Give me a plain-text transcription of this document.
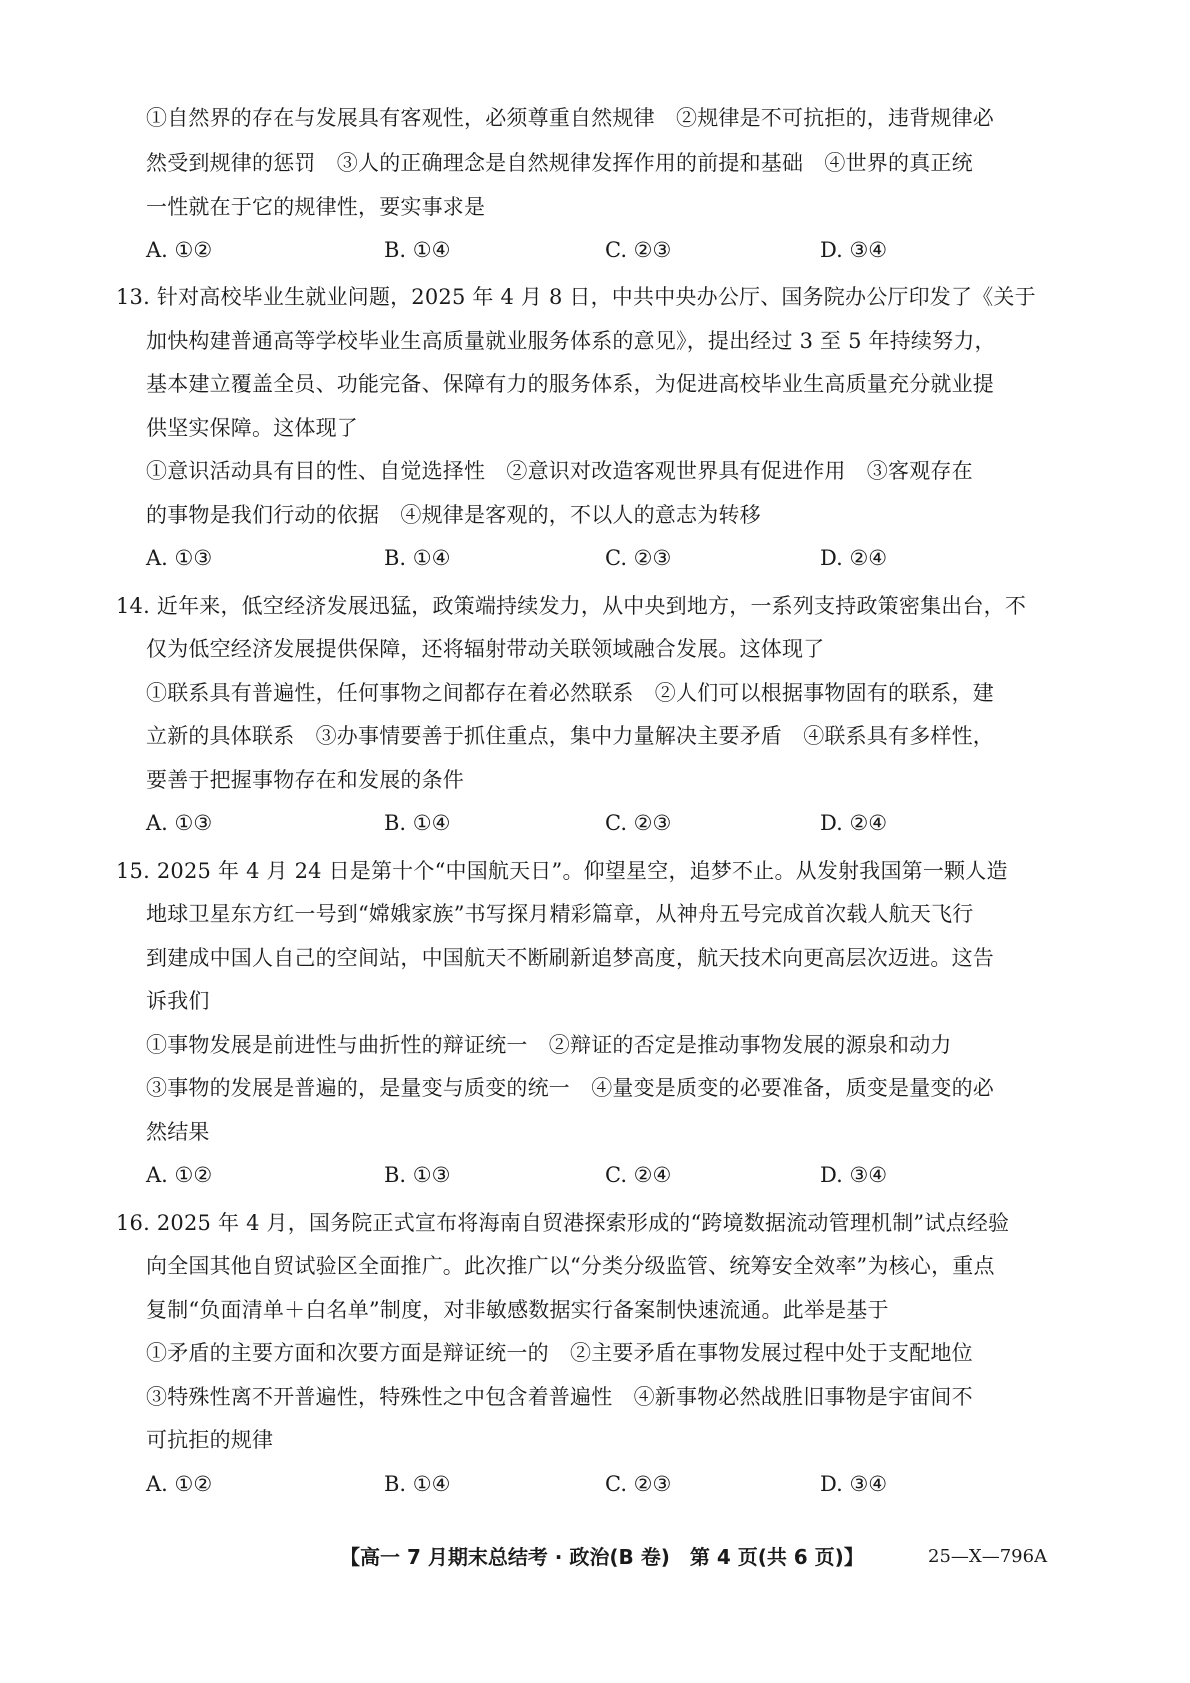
①自然界的存在与发展具有客观性，必须尊重自然规律　②规律是不可抗拒的，违背规律必
然受到规律的惩罚　③人的正确理念是自然规律发挥作用的前提和基础　④世界的真正统
一性就在于它的规律性，要实事求是
A. ①②	B. ①④	C. ②③	D. ③④
13. 针对高校毕业生就业问题，2025 年 4 月 8 日，中共中央办公厅、国务院办公厅印发了《关于
加快构建普通高等学校毕业生高质量就业服务体系的意见》，提出经过 3 至 5 年持续努力，
基本建立覆盖全员、功能完备、保障有力的服务体系，为促进高校毕业生高质量充分就业提
供坚实保障。这体现了
①意识活动具有目的性、自觉选择性　②意识对改造客观世界具有促进作用　③客观存在
的事物是我们行动的依据　④规律是客观的，不以人的意志为转移
A. ①③	B. ①④	C. ②③	D. ②④
14. 近年来，低空经济发展迅猛，政策端持续发力，从中央到地方，一系列支持政策密集出台，不
仅为低空经济发展提供保障，还将辐射带动关联领域融合发展。这体现了
①联系具有普遍性，任何事物之间都存在着必然联系　②人们可以根据事物固有的联系，建
立新的具体联系　③办事情要善于抓住重点，集中力量解决主要矛盾　④联系具有多样性，
要善于把握事物存在和发展的条件
A. ①③	B. ①④	C. ②③	D. ②④
15. 2025 年 4 月 24 日是第十个“中国航天日”。仰望星空，追梦不止。从发射我国第一颗人造
地球卫星东方红一号到“嫦娥家族”书写探月精彩篇章，从神舟五号完成首次载人航天飞行
到建成中国人自己的空间站，中国航天不断刷新追梦高度，航天技术向更高层次迈进。这告
诉我们
①事物发展是前进性与曲折性的辩证统一　②辩证的否定是推动事物发展的源泉和动力
③事物的发展是普遍的，是量变与质变的统一　④量变是质变的必要准备，质变是量变的必
然结果
A. ①②	B. ①③	C. ②④	D. ③④
16. 2025 年 4 月，国务院正式宣布将海南自贸港探索形成的“跨境数据流动管理机制”试点经验
向全国其他自贸试验区全面推广。此次推广以“分类分级监管、统筹安全效率”为核心，重点
复制“负面清单＋白名单”制度，对非敏感数据实行备案制快速流通。此举是基于
①矛盾的主要方面和次要方面是辩证统一的　②主要矛盾在事物发展过程中处于支配地位
③特殊性离不开普遍性，特殊性之中包含着普遍性　④新事物必然战胜旧事物是宇宙间不
可抗拒的规律
A. ①②	B. ①④	C. ②③	D. ③④
【高一 7 月期末总结考 · 政治(B 卷)　第 4 页(共 6 页)】	25—X—796A
